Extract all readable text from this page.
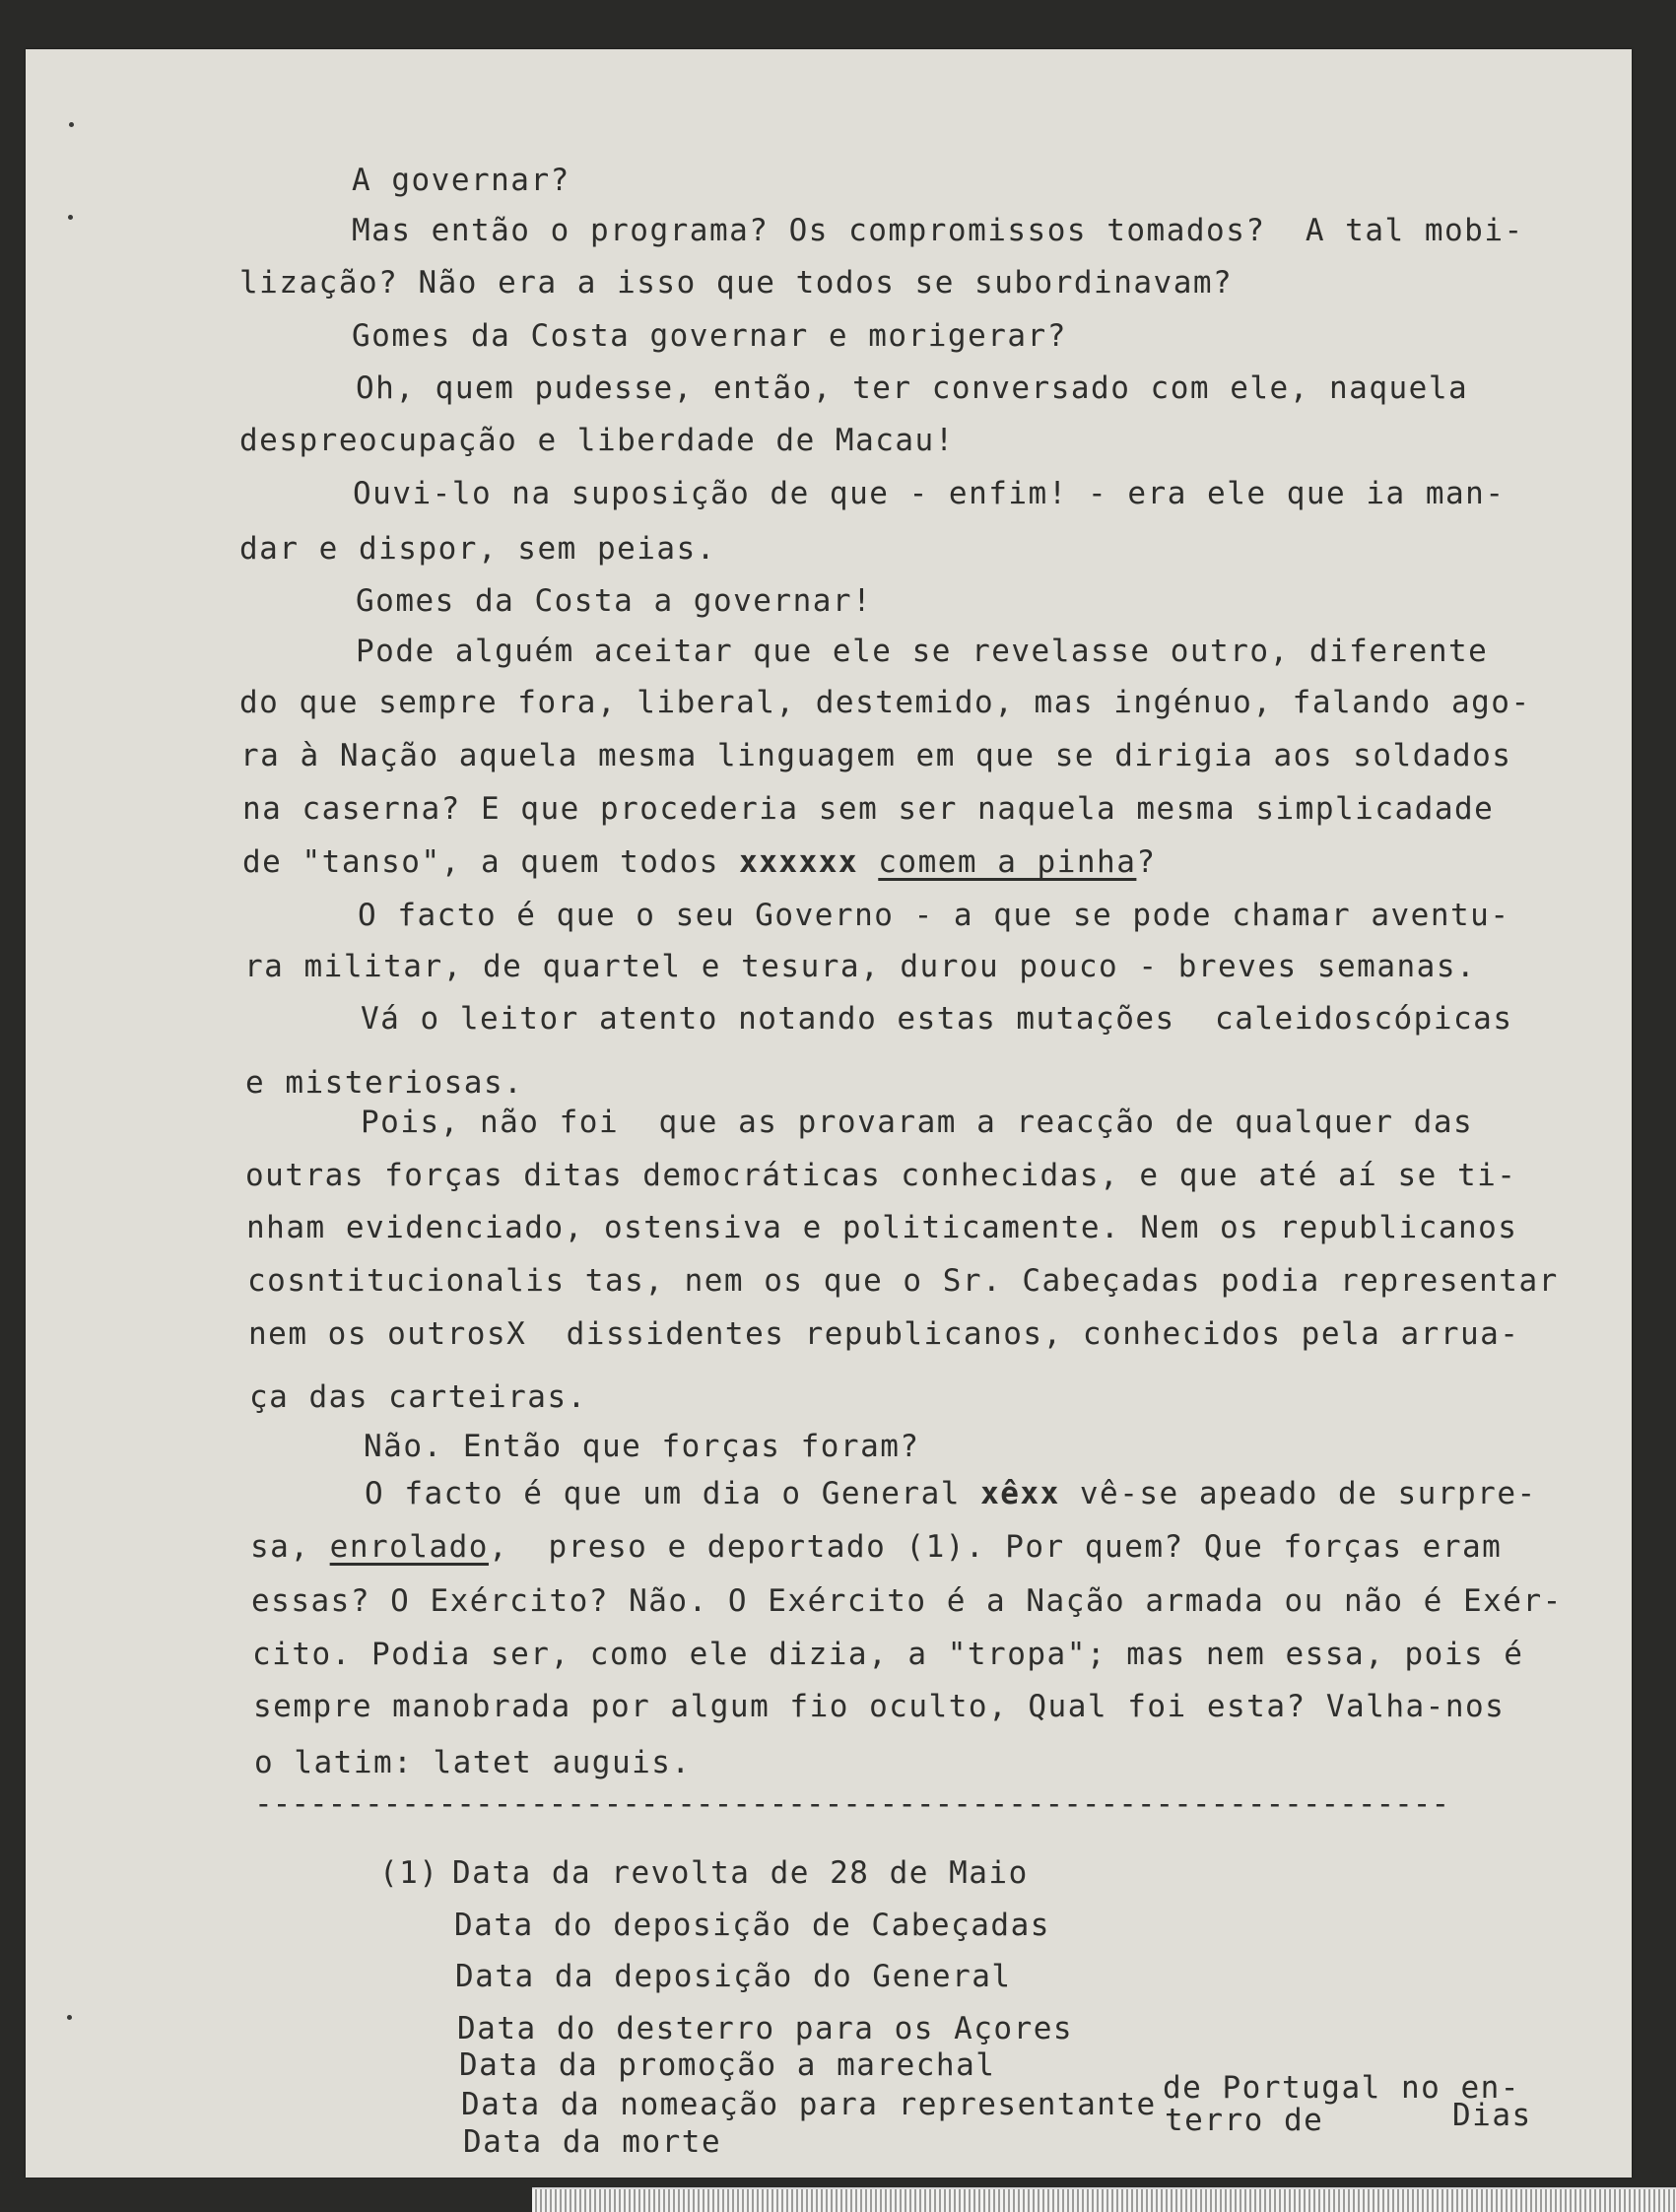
A governar?
Mas então o programa? Os compromissos tomados?  A tal mobi-
lização? Não era a isso que todos se subordinavam?
Gomes da Costa governar e morigerar?
Oh, quem pudesse, então, ter conversado com ele, naquela
despreocupação e liberdade de Macau!
Ouvi-lo na suposição de que - enfim! - era ele que ia man-
dar e dispor, sem peias.
Gomes da Costa a governar!
Pode alguém aceitar que ele se revelasse outro, diferente
do que sempre fora, liberal, destemido, mas ingénuo, falando ago-
ra à Nação aquela mesma linguagem em que se dirigia aos soldados
na caserna? E que procederia sem ser naquela mesma simplicadade
de "tanso", a quem todos xxxxxx comem a pinha?
O facto é que o seu Governo - a que se pode chamar aventu-
ra militar, de quartel e tesura, durou pouco - breves semanas.
Vá o leitor atento notando estas mutações  caleidoscópicas
e misteriosas.
Pois, não foi  que as provaram a reacção de qualquer das
outras forças ditas democráticas conhecidas, e que até aí se ti-
nham evidenciado, ostensiva e politicamente. Nem os republicanos
cosntitucionalis tas, nem os que o Sr. Cabeçadas podia representar
nem os outrosX  dissidentes republicanos, conhecidos pela arrua-
ça das carteiras.
Não. Então que forças foram?
O facto é que um dia o General xêxx vê-se apeado de surpre-
sa, enrolado,  preso e deportado (1). Por quem? Que forças eram
essas? O Exército? Não. O Exército é a Nação armada ou não é Exér-
cito. Podia ser, como ele dizia, a "tropa"; mas nem essa, pois é
sempre manobrada por algum fio oculto, Qual foi esta? Valha-nos
o latim: latet auguis.
-----------------------------------------------------------------
(1) Data da revolta de 28 de Maio
Data do deposição de Cabeçadas
Data da deposição do General
Data do desterro para os Açores
Data da promoção a marechal
Data da nomeação para representante
Data da morte
de Portugal no en-
terro de	Dias
